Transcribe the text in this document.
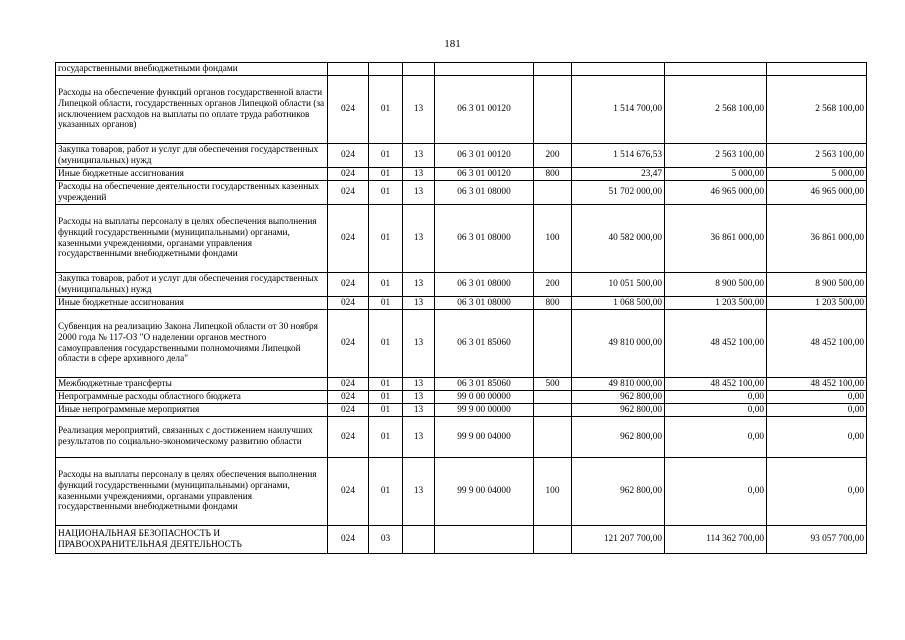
181
государственными внебюджетными фондами								
Расходы на обеспечение функций органов государственной власти Липецкой области, государственных органов Липецкой области (за исключением расходов на выплаты по оплате труда работников указанных органов)	024	01	13	06 3 01 00120		1 514 700,00	2 568 100,00	2 568 100,00
Закупка товаров, работ и услуг для обеспечения государственных (муниципальных) нужд	024	01	13	06 3 01 00120	200	1 514 676,53	2 563 100,00	2 563 100,00
Иные бюджетные ассигнования	024	01	13	06 3 01 00120	800	23,47	5 000,00	5 000,00
Расходы на обеспечение деятельности государственных казенных учреждений	024	01	13	06 3 01 08000		51 702 000,00	46 965 000,00	46 965 000,00
Расходы на выплаты персоналу в целях обеспечения выполнения функций государственными (муниципальными) органами, казенными учреждениями, органами управления государственными внебюджетными фондами	024	01	13	06 3 01 08000	100	40 582 000,00	36 861 000,00	36 861 000,00
Закупка товаров, работ и услуг для обеспечения государственных (муниципальных) нужд	024	01	13	06 3 01 08000	200	10 051 500,00	8 900 500,00	8 900 500,00
Иные бюджетные ассигнования	024	01	13	06 3 01 08000	800	1 068 500,00	1 203 500,00	1 203 500,00
Субвенция на реализацию Закона Липецкой области от 30 ноября 2000 года № 117-ОЗ "О наделении органов местного самоуправления государственными полномочиями Липецкой области в сфере архивного дела"	024	01	13	06 3 01 85060		49 810 000,00	48 452 100,00	48 452 100,00
Межбюджетные трансферты	024	01	13	06 3 01 85060	500	49 810 000,00	48 452 100,00	48 452 100,00
Непрограммные расходы областного бюджета	024	01	13	99 0 00 00000		962 800,00	0,00	0,00
Иные непрограммные мероприятия	024	01	13	99 9 00 00000		962 800,00	0,00	0,00
Реализация мероприятий, связанных с достижением наилучших результатов по социально-экономическому развитию области	024	01	13	99 9 00 04000		962 800,00	0,00	0,00
Расходы на выплаты персоналу в целях обеспечения выполнения функций государственными (муниципальными) органами, казенными учреждениями, органами управления государственными внебюджетными фондами	024	01	13	99 9 00 04000	100	962 800,00	0,00	0,00
НАЦИОНАЛЬНАЯ БЕЗОПАСНОСТЬ И ПРАВООХРАНИТЕЛЬНАЯ ДЕЯТЕЛЬНОСТЬ	024	03				121 207 700,00	114 362 700,00	93 057 700,00
